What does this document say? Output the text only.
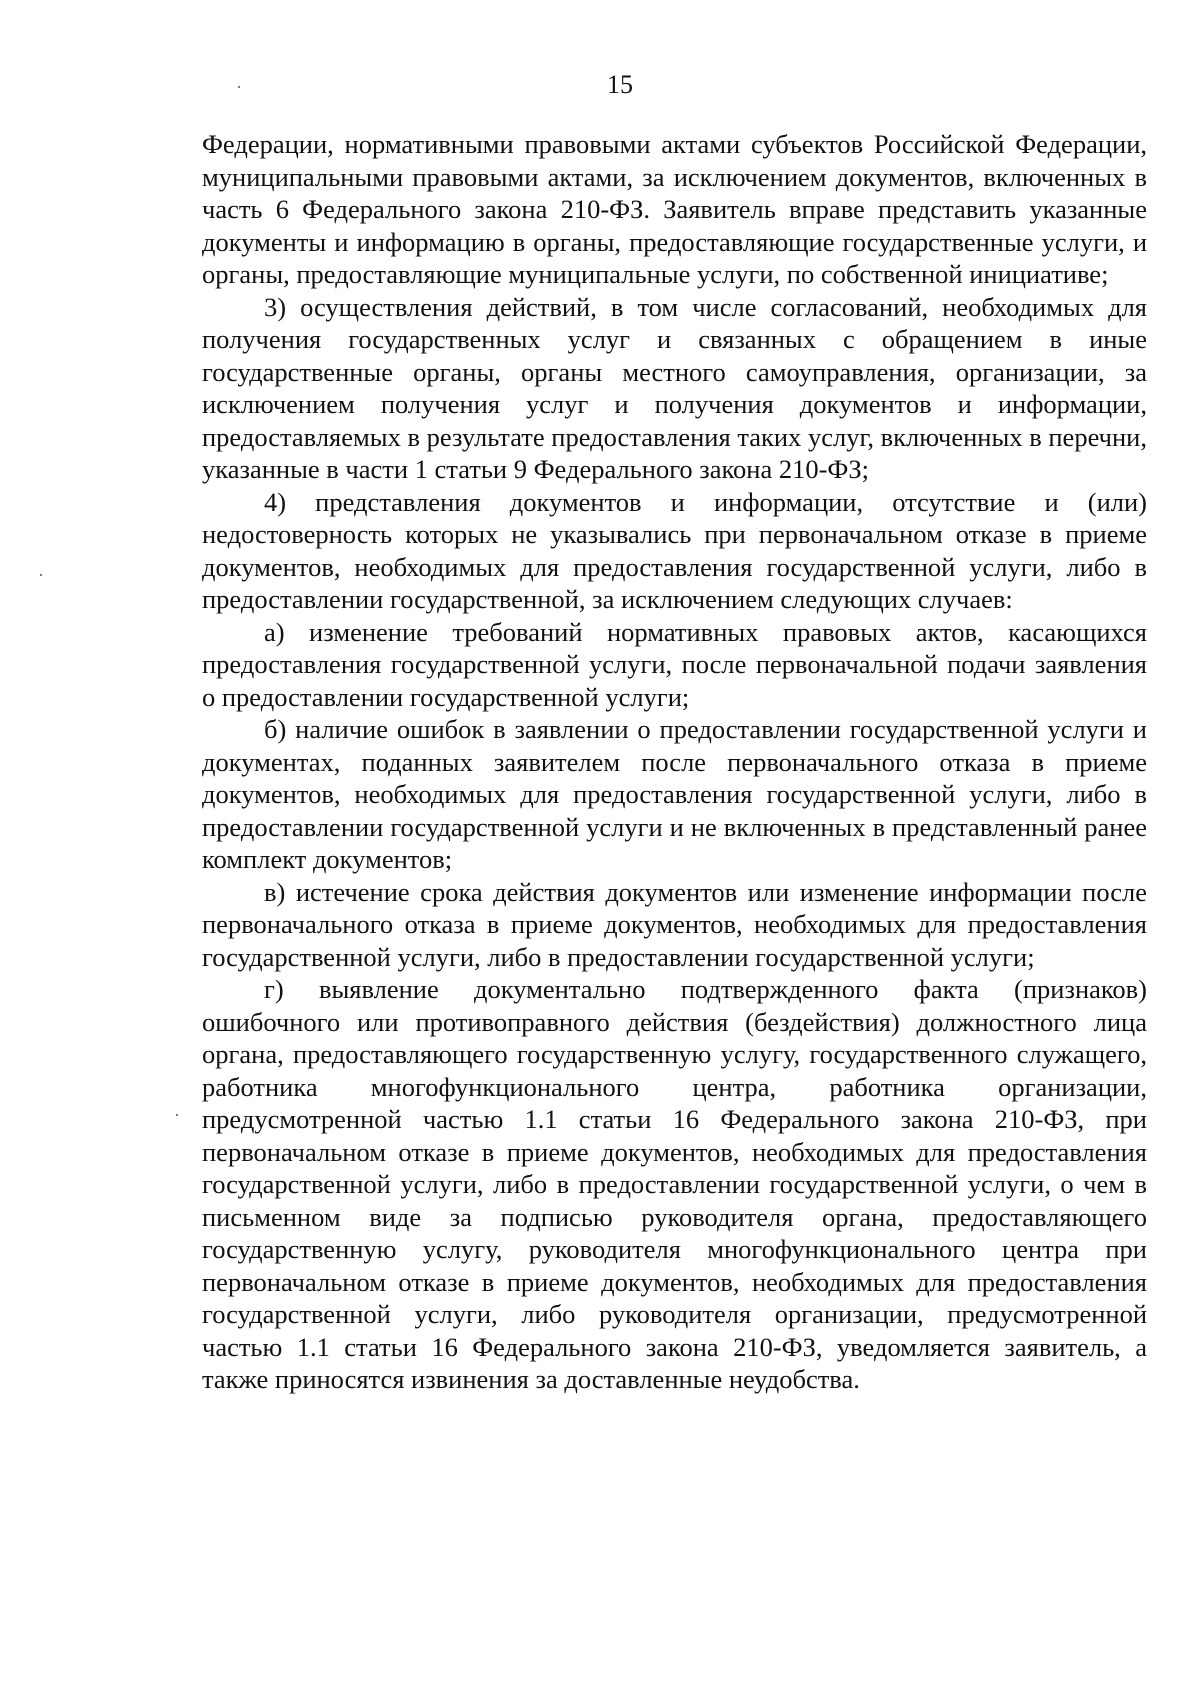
15

Федерации, нормативными правовыми актами субъектов Российской Федерации, муниципальными правовыми актами, за исключением документов, включенных в часть 6 Федерального закона 210-ФЗ. Заявитель вправе представить указанные документы и информацию в органы, предоставляющие государственные услуги, и органы, предоставляющие муниципальные услуги, по собственной инициативе;

3) осуществления действий, в том числе согласований, необходимых для получения государственных услуг и связанных с обращением в иные государственные органы, органы местного самоуправления, организации, за исключением получения услуг и получения документов и информации, предоставляемых в результате предоставления таких услуг, включенных в перечни, указанные в части 1 статьи 9 Федерального закона 210-ФЗ;

4) представления документов и информации, отсутствие и (или) недостоверность которых не указывались при первоначальном отказе в приеме документов, необходимых для предоставления государственной услуги, либо в предоставлении государственной, за исключением следующих случаев:

а) изменение требований нормативных правовых актов, касающихся предоставления государственной услуги, после первоначальной подачи заявления о предоставлении государственной услуги;

б) наличие ошибок в заявлении о предоставлении государственной услуги и документах, поданных заявителем после первоначального отказа в приеме документов, необходимых для предоставления государственной услуги, либо в предоставлении государственной услуги и не включенных в представленный ранее комплект документов;

в) истечение срока действия документов или изменение информации после первоначального отказа в приеме документов, необходимых для предоставления государственной услуги, либо в предоставлении государственной услуги;

г) выявление документально подтвержденного факта (признаков) ошибочного или противоправного действия (бездействия) должностного лица органа, предоставляющего государственную услугу, государственного служащего, работника многофункционального центра, работника организации, предусмотренной частью 1.1 статьи 16 Федерального закона 210-ФЗ, при первоначальном отказе в приеме документов, необходимых для предоставления государственной услуги, либо в предоставлении государственной услуги, о чем в письменном виде за подписью руководителя органа, предоставляющего государственную услугу, руководителя многофункционального центра при первоначальном отказе в приеме документов, необходимых для предоставления государственной услуги, либо руководителя организации, предусмотренной частью 1.1 статьи 16 Федерального закона 210-ФЗ, уведомляется заявитель, а также приносятся извинения за доставленные неудобства.
